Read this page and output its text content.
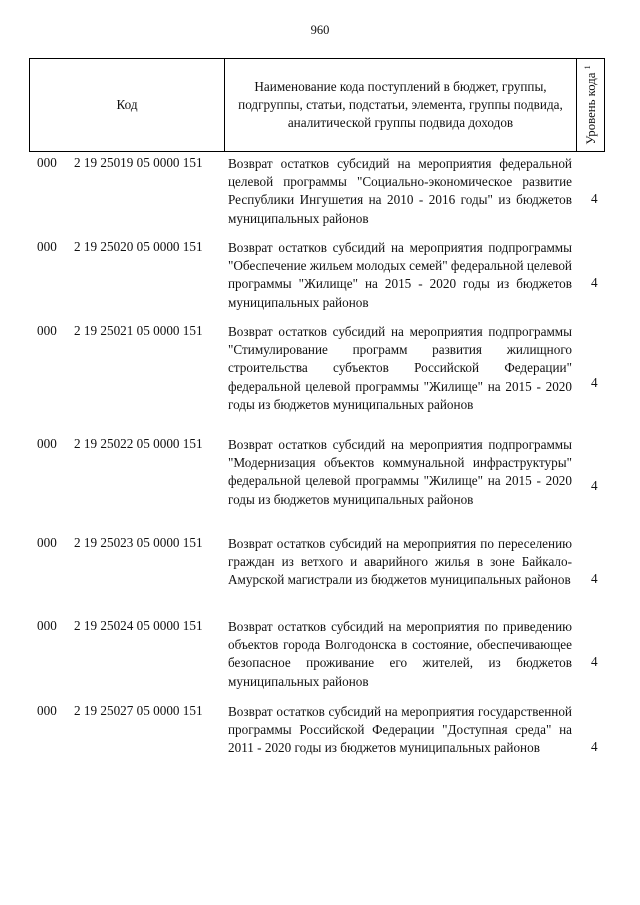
960
Код
Наименование кода поступлений в бюджет, группы, подгруппы, статьи, подстатьи, элемента, группы подвида, аналитической группы подвида доходов	Уровень кода $^1$
000 2 19 25019 05 0000 151 Возврат остатков субсидий на мероприятия федеральной целевой программы "Социально-экономическое развитие Республики Ингушетия на 2010 - 2016 годы" из бюджетов муниципальных районов
4
000 2 19 25020 05 0000 151 Возврат остатков субсидий на мероприятия подпрограммы "Обеспечение жильем молодых семей" федеральной целевой программы "Жилище" на 2015 - 2020 годы из бюджетов муниципальных районов
4
000 2 19 25021 05 0000 151 Возврат остатков субсидий на мероприятия подпрограммы "Стимулирование программ развития жилищного строительства субъектов Российской Федерации" федеральной целевой программы "Жилище" на 2015 - 2020 годы из бюджетов муниципальных районов
4
000 2 19 25022 05 0000 151 Возврат остатков субсидий на мероприятия подпрограммы "Модернизация объектов коммунальной инфраструктуры" федеральной целевой программы "Жилище" на 2015 - 2020 годы из бюджетов муниципальных районов
4
000 2 19 25023 05 0000 151 Возврат остатков субсидий на мероприятия по переселению граждан из ветхого и аварийного жилья в зоне Байкало-Амурской магистрали из бюджетов муниципальных районов 4
000 2 19 25024 05 0000 151 Возврат остатков субсидий на мероприятия по приведению объектов города Волгодонска в состояние, обеспечивающее безопасное проживание его жителей, из бюджетов муниципальных районов
4
000 2 19 25027 05 0000 151 Возврат остатков субсидий на мероприятия государственной программы Российской Федерации "Доступная среда" на 2011 - 2020 годы из бюджетов муниципальных районов	4
